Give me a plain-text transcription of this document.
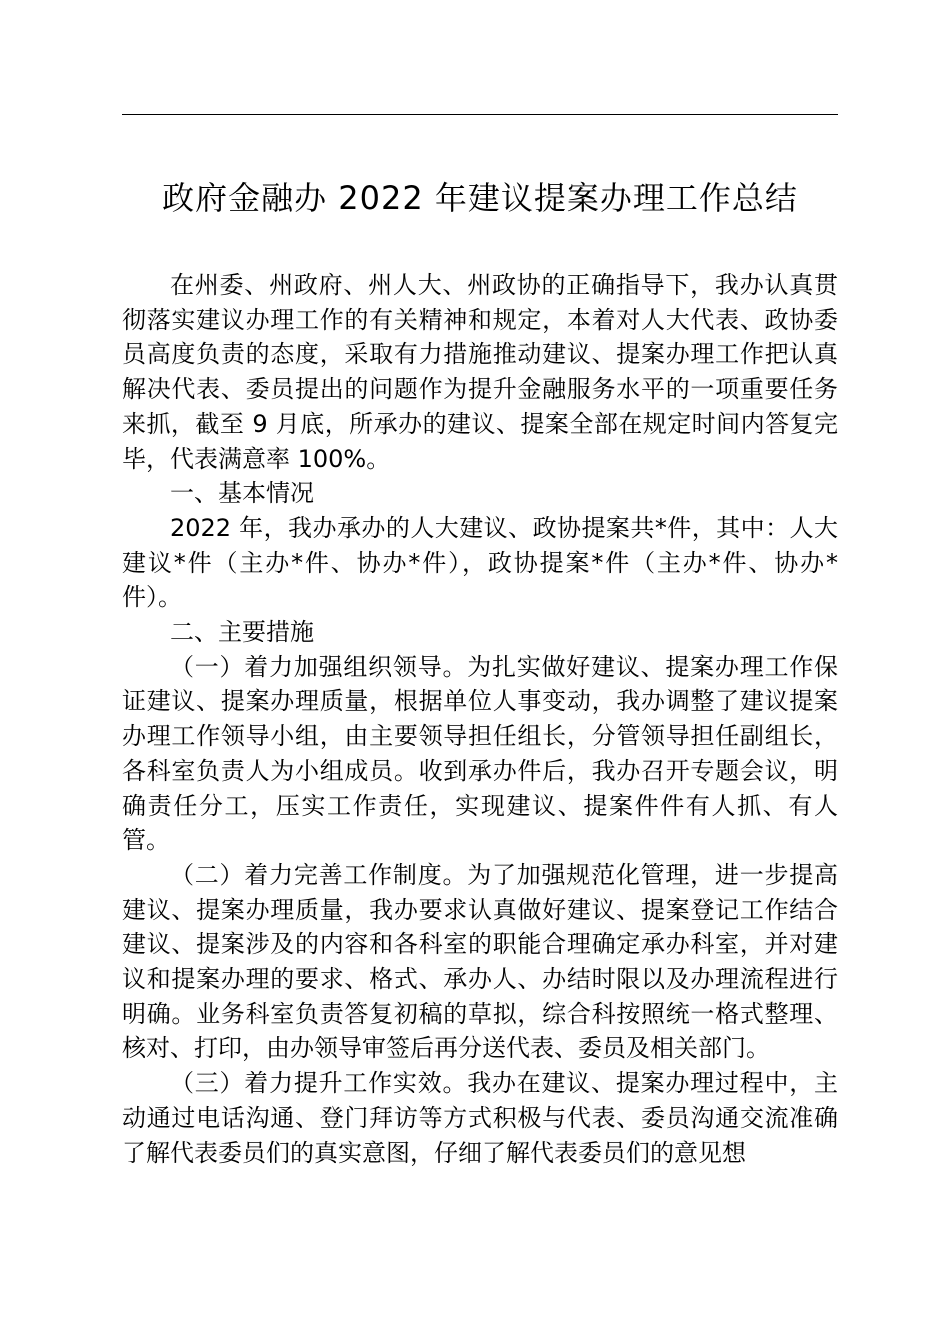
政府金融办 2022 年建议提案办理工作总结

在州委、州政府、州人大、州政协的正确指导下，我办认真贯彻落实建议办理工作的有关精神和规定，本着对人大代表、政协委员高度负责的态度，采取有力措施推动建议、提案办理工作把认真解决代表、委员提出的问题作为提升金融服务水平的一项重要任务来抓，截至 9 月底，所承办的建议、提案全部在规定时间内答复完毕，代表满意率 100%。

一、基本情况

2022 年，我办承办的人大建议、政协提案共*件，其中：人大建议*件（主办*件、协办*件），政协提案*件（主办*件、协办*件）。

二、主要措施

（一）着力加强组织领导。为扎实做好建议、提案办理工作保证建议、提案办理质量，根据单位人事变动，我办调整了建议提案办理工作领导小组，由主要领导担任组长，分管领导担任副组长，各科室负责人为小组成员。收到承办件后，我办召开专题会议，明确责任分工，压实工作责任，实现建议、提案件件有人抓、有人管。

（二）着力完善工作制度。为了加强规范化管理，进一步提高建议、提案办理质量，我办要求认真做好建议、提案登记工作结合建议、提案涉及的内容和各科室的职能合理确定承办科室，并对建议和提案办理的要求、格式、承办人、办结时限以及办理流程进行明确。业务科室负责答复初稿的草拟，综合科按照统一格式整理、核对、打印，由办领导审签后再分送代表、委员及相关部门。

（三）着力提升工作实效。我办在建议、提案办理过程中，主动通过电话沟通、登门拜访等方式积极与代表、委员沟通交流准确了解代表委员们的真实意图，仔细了解代表委员们的意见想
